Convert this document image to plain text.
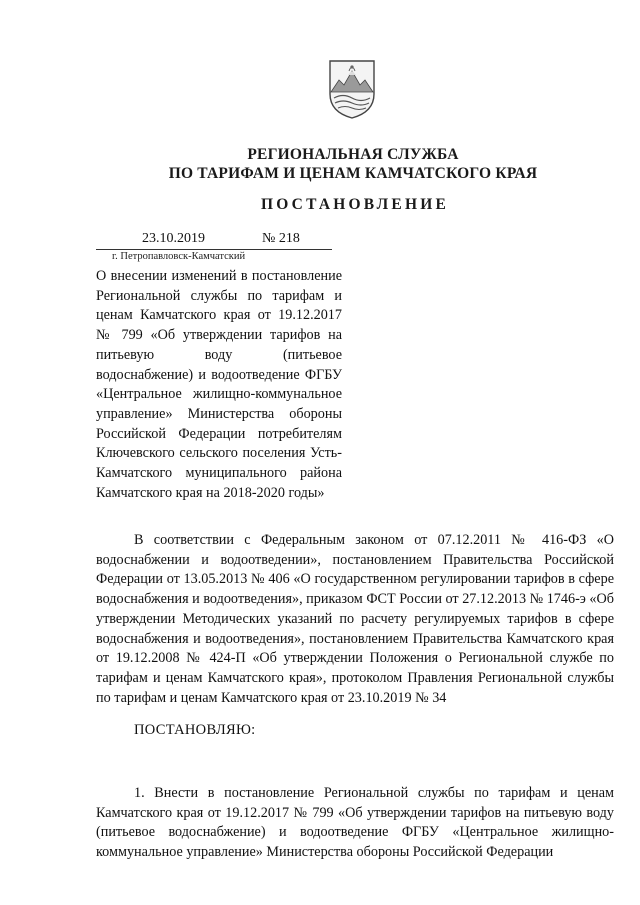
РЕГИОНАЛЬНАЯ СЛУЖБА
ПО ТАРИФАМ И ЦЕНАМ КАМЧАТСКОГО КРАЯ
ПОСТАНОВЛЕНИЕ
23.10.2019	№ 218
г. Петропавловск-Камчатский
О внесении изменений в постановление Региональной службы по тарифам и ценам Камчатского края от 19.12.2017 № 799 «Об утверждении тарифов на питьевую воду (питьевое водоснабжение) и водоотведение ФГБУ «Центральное жилищно-коммунальное управление» Министерства обороны Российской Федерации потребителям Ключевского сельского поселения Усть-Камчатского муниципального района Камчатского края на 2018-2020 годы»
В соответствии с Федеральным законом от 07.12.2011 № 416-ФЗ «О водоснабжении и водоотведении», постановлением Правительства Российской Федерации от 13.05.2013 № 406 «О государственном регулировании тарифов в сфере водоснабжения и водоотведения», приказом ФСТ России от 27.12.2013 № 1746-э «Об утверждении Методических указаний по расчету регулируемых тарифов в сфере водоснабжения и водоотведения», постановлением Правительства Камчатского края от 19.12.2008 № 424-П «Об утверждении Положения о Региональной службе по тарифам и ценам Камчатского края», протоколом Правления Региональной службы по тарифам и ценам Камчатского края от 23.10.2019 № 34
ПОСТАНОВЛЯЮ:
1. Внести в постановление Региональной службы по тарифам и ценам Камчатского края от 19.12.2017 № 799 «Об утверждении тарифов на питьевую воду (питьевое водоснабжение) и водоотведение ФГБУ «Центральное жилищно-коммунальное управление» Министерства обороны Российской Федерации
